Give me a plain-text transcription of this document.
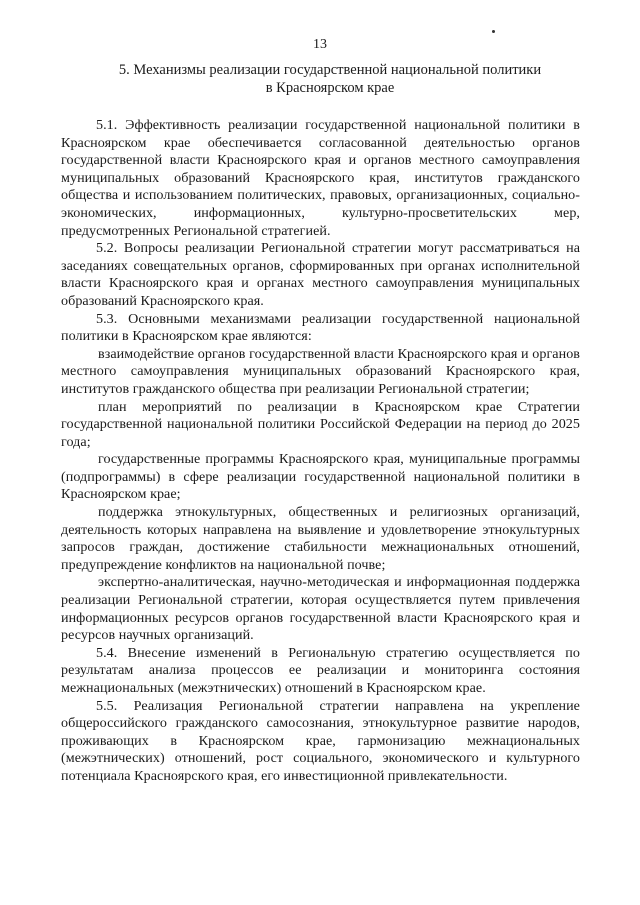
13
5. Механизмы реализации государственной национальной политики
в Красноярском крае

5.1. Эффективность реализации государственной национальной политики в Красноярском крае обеспечивается согласованной деятельностью органов государственной власти Красноярского края и органов местного самоуправления муниципальных образований Красноярского края, институтов гражданского общества и использованием политических, правовых, организационных, социально-экономических, информационных, культурно-просветительских мер, предусмотренных Региональной стратегией.

5.2. Вопросы реализации Региональной стратегии могут рассматриваться на заседаниях совещательных органов, сформированных при органах исполнительной власти Красноярского края и органах местного самоуправления муниципальных образований Красноярского края.

5.3. Основными механизмами реализации государственной национальной политики в Красноярском крае являются:

взаимодействие органов государственной власти Красноярского края и органов местного самоуправления муниципальных образований Красноярского края, институтов гражданского общества при реализации Региональной стратегии;

план мероприятий по реализации в Красноярском крае Стратегии государственной национальной политики Российской Федерации на период до 2025 года;

государственные программы Красноярского края, муниципальные программы (подпрограммы) в сфере реализации государственной национальной политики в Красноярском крае;

поддержка этнокультурных, общественных и религиозных организаций, деятельность которых направлена на выявление и удовлетворение этнокультурных запросов граждан, достижение стабильности межнациональных отношений, предупреждение конфликтов на национальной почве;

экспертно-аналитическая, научно-методическая и информационная поддержка реализации Региональной стратегии, которая осуществляется путем привлечения информационных ресурсов органов государственной власти Красноярского края и ресурсов научных организаций.

5.4. Внесение изменений в Региональную стратегию осуществляется по результатам анализа процессов ее реализации и мониторинга состояния межнациональных (межэтнических) отношений в Красноярском крае.

5.5. Реализация Региональной стратегии направлена на укрепление общероссийского гражданского самосознания, этнокультурное развитие народов, проживающих в Красноярском крае, гармонизацию межнациональных (межэтнических) отношений, рост социального, экономического и культурного потенциала Красноярского края, его инвестиционной привлекательности.
